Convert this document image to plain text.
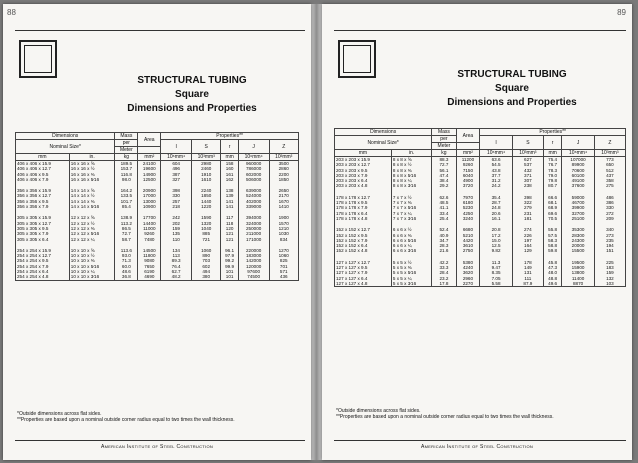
88
STRUCTURAL TUBING
Square
Dimensions and Properties
Dimensions		Mass	Area	Properties**				
Nominal Size*		per		I	S	r	J	Z
		Meter						
mm	in.	kg	mm²	10⁶mm⁴	10³mm³	mm	10⁶mm⁴	10³mm³
406 x 406 x 15.9	16 x 16 x ⅝	189.5	24100	604	2980	158	960000	3500
406 x 406 x 12.7	16 x 16 x ½	153.7	19600	496	2460	160	786000	2860
406 x 406 x 9.5	16 x 16 x ⅜	116.8	14900	387	1910	161	602000	2200
406 x 406 x 7.9	16 x 16 x 5⁄16	98.0	12500	327	1610	162	506000	1850

356 x 356 x 15.9	14 x 14 x ⅝	164.2	20900	398	2240	138	639000	2650
356 x 356 x 12.7	14 x 14 x ½	133.5	17000	330	1850	139	524000	2170
356 x 356 x 9.5	14 x 14 x ⅜	101.7	13000	257	1440	141	402000	1670
356 x 356 x 7.9	14 x 14 x 5⁄16	85.4	10900	218	1220	141	339000	1410

305 x 305 x 15.9	12 x 12 x ⅝	138.9	17700	242	1590	117	394000	1900
305 x 305 x 12.7	12 x 12 x ½	113.2	14400	202	1320	118	324000	1570
305 x 305 x 9.5	12 x 12 x ⅜	86.5	11000	159	1040	120	250000	1210
305 x 305 x 7.9	12 x 12 x 5⁄16	72.7	9260	135	885	121	211000	1030
305 x 305 x 6.4	12 x 12 x ¼	58.7	7480	110	721	121	171000	834

254 x 254 x 15.9	10 x 10 x ⅝	113.6	14500	134	1060	96.1	220000	1270
254 x 254 x 12.7	10 x 10 x ½	93.0	11800	113	890	97.9	183000	1060
254 x 254 x 9.5	10 x 10 x ⅜	71.3	9080	89.3	703	99.2	142000	825
254 x 254 x 7.9	10 x 10 x 5⁄16	60.0	7650	76.4	602	99.9	120000	701
254 x 254 x 6.4	10 x 10 x ¼	48.6	6190	62.7	494	101	97600	571
254 x 254 x 4.8	10 x 10 x 3⁄16	36.8	4690	48.2	380	101	74500	436
*Outside dimensions across flat sides.
**Properties are based upon a nominal outside corner radius equal to two times the wall thickness.
American Institute of Steel Construction
89
STRUCTURAL TUBING
Square
Dimensions and Properties
Dimensions		Mass	Area	Properties**				
Nominal Size*		per		I	S	r	J	Z
		Meter						
mm	in.	kg	mm²	10⁶mm⁴	10³mm³	mm	10⁶mm⁴	10³mm³
203 x 203 x 15.9	8 x 8 x ⅝	88.3	11200	63.6	627	75.4	107000	773
203 x 203 x 12.7	8 x 8 x ½	72.7	9260	54.5	537	76.7	89900	650
203 x 203 x 9.5	8 x 8 x ⅜	56.1	7150	43.8	432	78.3	70600	512
203 x 203 x 7.9	8 x 8 x 5⁄16	47.4	6040	37.7	371	79.0	60100	437
203 x 203 x 6.4	8 x 8 x ¼	38.4	4900	31.2	307	79.8	49100	358
203 x 203 x 4.8	8 x 8 x 3⁄16	29.2	3720	24.2	238	80.7	37600	275

178 x 178 x 12.7	7 x 7 x ½	62.6	7970	35.4	398	66.6	59000	486
178 x 178 x 9.5	7 x 7 x ⅜	48.5	6180	28.7	322	68.1	46700	386
178 x 178 x 7.9	7 x 7 x 5⁄16	41.1	5230	24.8	279	68.9	39900	330
178 x 178 x 6.4	7 x 7 x ¼	33.4	4250	20.6	231	69.6	32700	272
178 x 178 x 4.8	7 x 7 x 3⁄16	25.4	3240	16.1	181	70.5	25100	209

152 x 152 x 12.7	6 x 6 x ½	52.4	6680	20.8	274	55.8	35300	340
152 x 152 x 9.5	6 x 6 x ⅜	40.9	5210	17.2	226	57.5	28300	273
152 x 152 x 7.9	6 x 6 x 5⁄16	34.7	4420	15.0	197	58.3	24300	235
152 x 152 x 6.4	6 x 6 x ¼	28.3	3610	12.5	164	58.8	20000	194
152 x 152 x 4.8	6 x 6 x 3⁄16	21.6	2750	9.82	129	59.8	15500	151

127 x 127 x 12.7	5 x 5 x ½	42.2	5380	11.3	178	45.8	19500	225
127 x 127 x 9.5	5 x 5 x ⅜	33.3	4240	9.47	149	47.3	15900	183
127 x 127 x 7.9	5 x 5 x 5⁄16	28.4	3620	8.35	131	48.0	13800	159
127 x 127 x 6.4	5 x 5 x ¼	23.2	2960	7.05	111	48.8	11400	132
127 x 127 x 4.8	5 x 5 x 3⁄16	17.8	2270	5.58	87.9	49.6	8870	103
*Outside dimensions across flat sides.
**Properties are based upon a nominal outside corner radius equal to two times the wall thickness.
American Institute of Steel Construction
